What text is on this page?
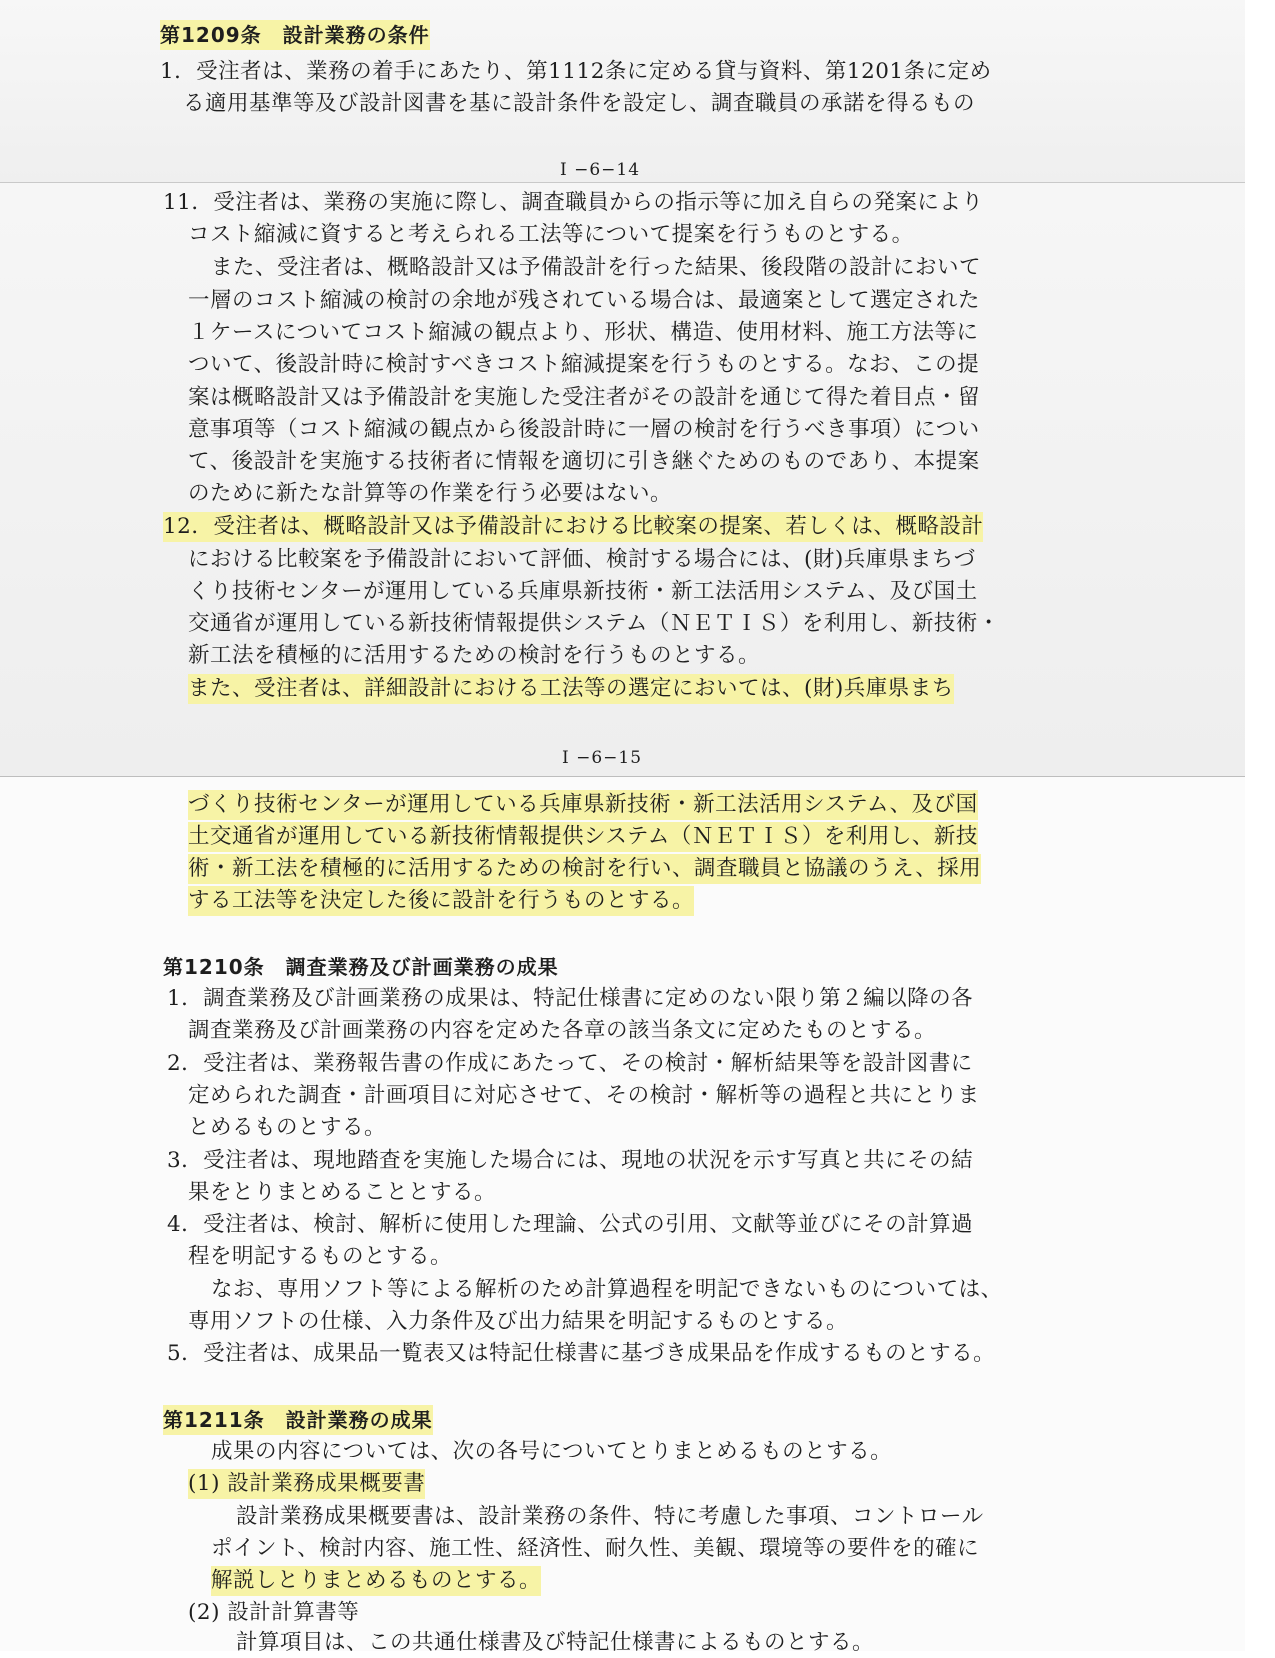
I −6−14
I −6−15
第1209条　設計業務の条件
1．受注者は、業務の着手にあたり、第1112条に定める貸与資料、第1201条に定め
る適用基準等及び設計図書を基に設計条件を設定し、調査職員の承諾を得るもの
11．受注者は、業務の実施に際し、調査職員からの指示等に加え自らの発案により
コスト縮減に資すると考えられる工法等について提案を行うものとする。
また、受注者は、概略設計又は予備設計を行った結果、後段階の設計において
一層のコスト縮減の検討の余地が残されている場合は、最適案として選定された
１ケースについてコスト縮減の観点より、形状、構造、使用材料、施工方法等に
ついて、後設計時に検討すべきコスト縮減提案を行うものとする。なお、この提
案は概略設計又は予備設計を実施した受注者がその設計を通じて得た着目点・留
意事項等（コスト縮減の観点から後設計時に一層の検討を行うべき事項）につい
て、後設計を実施する技術者に情報を適切に引き継ぐためのものであり、本提案
のために新たな計算等の作業を行う必要はない。
12．受注者は、概略設計又は予備設計における比較案の提案、若しくは、概略設計
における比較案を予備設計において評価、検討する場合には、(財)兵庫県まちづ
くり技術センターが運用している兵庫県新技術・新工法活用システム、及び国土
交通省が運用している新技術情報提供システム（ＮＥＴＩＳ）を利用し、新技術・
新工法を積極的に活用するための検討を行うものとする。
また、受注者は、詳細設計における工法等の選定においては、(財)兵庫県まち
づくり技術センターが運用している兵庫県新技術・新工法活用システム、及び国
土交通省が運用している新技術情報提供システム（ＮＥＴＩＳ）を利用し、新技
術・新工法を積極的に活用するための検討を行い、調査職員と協議のうえ、採用
する工法等を決定した後に設計を行うものとする。
第1210条　調査業務及び計画業務の成果
1．調査業務及び計画業務の成果は、特記仕様書に定めのない限り第２編以降の各
調査業務及び計画業務の内容を定めた各章の該当条文に定めたものとする。
2．受注者は、業務報告書の作成にあたって、その検討・解析結果等を設計図書に
定められた調査・計画項目に対応させて、その検討・解析等の過程と共にとりま
とめるものとする。
3．受注者は、現地踏査を実施した場合には、現地の状況を示す写真と共にその結
果をとりまとめることとする。
4．受注者は、検討、解析に使用した理論、公式の引用、文献等並びにその計算過
程を明記するものとする。
なお、専用ソフト等による解析のため計算過程を明記できないものについては、
専用ソフトの仕様、入力条件及び出力結果を明記するものとする。
5．受注者は、成果品一覧表又は特記仕様書に基づき成果品を作成するものとする。
第1211条　設計業務の成果
成果の内容については、次の各号についてとりまとめるものとする。
(1) 設計業務成果概要書
設計業務成果概要書は、設計業務の条件、特に考慮した事項、コントロール
ポイント、検討内容、施工性、経済性、耐久性、美観、環境等の要件を的確に
解説しとりまとめるものとする。
(2) 設計計算書等
計算項目は、この共通仕様書及び特記仕様書によるものとする。
